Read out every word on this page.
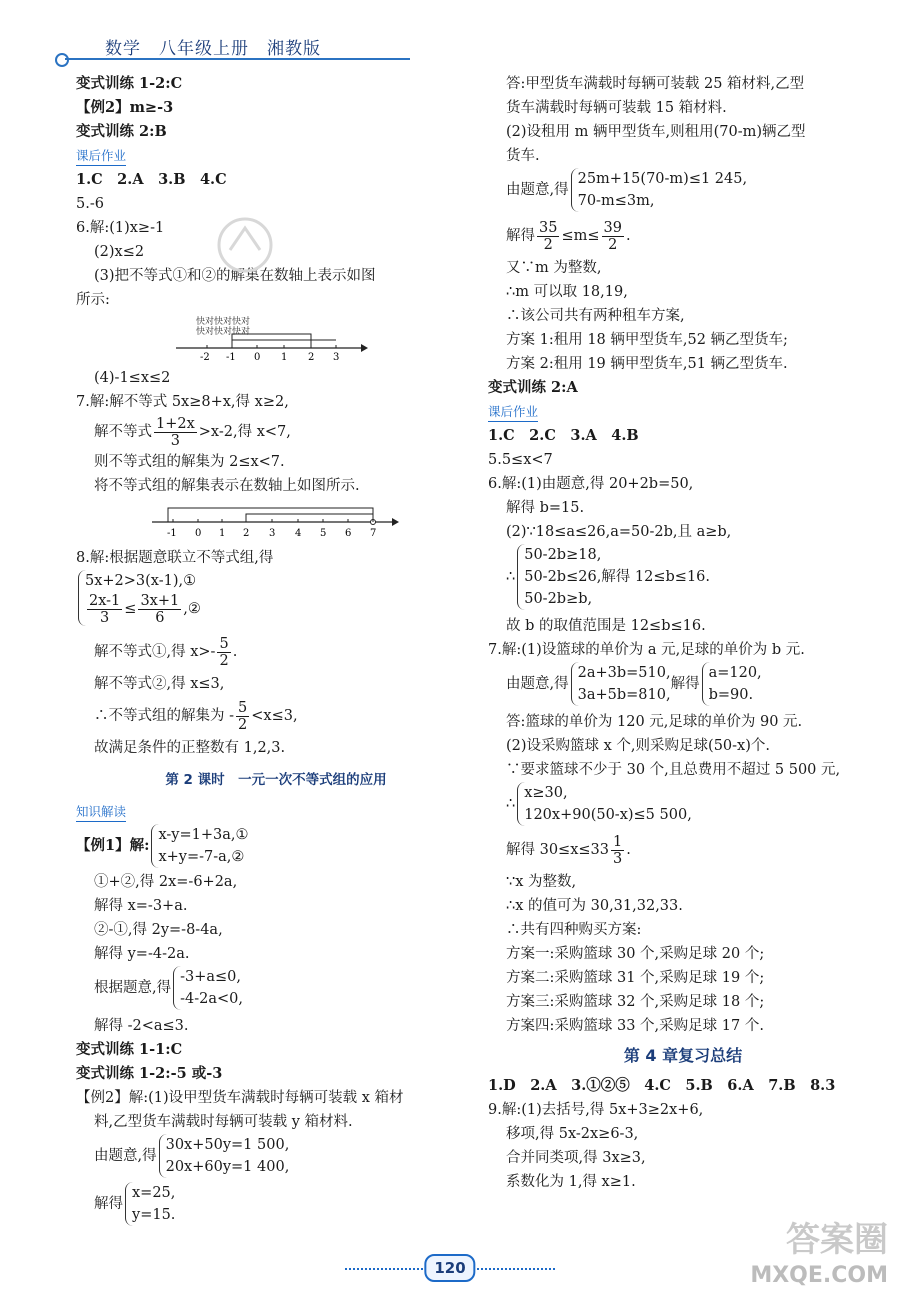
数学　八年级上册　湘教版
变式训练 1-2:C
【例2】m≥-3
变式训练 2:B
课后作业
1.C　2.A　3.B　4.C
5.-6
6.解:(1)x≥-1
(2)x≤2
(3)把不等式①和②的解集在数轴上表示如图
所示:
快对快对快对
快对快对快对
-2 -1 0 1 2 3
(4)-1≤x≤2
7.解:解不等式 5x≥8+x,得 x≥2,
解不等式 $\frac{1+2x}{3} >x-2$,得 x<7,
则不等式组的解集为 2≤x<7.
将不等式组的解集表示在数轴上如图所示.
-1 0 1 2 3 4 5 6 7
8.解:根据题意联立不等式组,得
5x+2>3(x-1),①
$\frac{2x-1}{3} \le \frac{3x+1}{6}$ ,②
解不等式①,得 $x>- \frac{5}{2}$ .
解不等式②,得 x≤3,
∴不等式组的解集为 - $\frac{5}{2} <x\le 3$,
故满足条件的正整数有 1,2,3.
第 2 课时　一元一次不等式组的应用
知识解读
【例1】解:
x-y=1+3a,①
x+y=-7-a,②
①+②,得 2x=-6+2a,
解得 x=-3+a.
②-①,得 2y=-8-4a,
解得 y=-4-2a.
根据题意,得
-3+a≤0,
-4-2a<0,
解得 -2<a≤3.
变式训练 1-1:C
变式训练 1-2:-5 或-3
【例2】解:(1)设甲型货车满载时每辆可装载 x 箱材
料,乙型货车满载时每辆可装载 y 箱材料.
由题意,得
30x+50y=1 500,
20x+60y=1 400,
解得
x=25,
y=15.
答:甲型货车满载时每辆可装载 25 箱材料,乙型
货车满载时每辆可装载 15 箱材料.
(2)设租用 m 辆甲型货车,则租用(70-m)辆乙型
货车.
由题意,得
25m+15(70-m)≤1 245,
70-m≤3m,
解得 $\frac{35}{2} \le m\le \frac{39}{2}$ .
又∵m 为整数,
∴m 可以取 18,19,
∴该公司共有两种租车方案,
方案 1:租用 18 辆甲型货车,52 辆乙型货车;
方案 2:租用 19 辆甲型货车,51 辆乙型货车.
变式训练 2:A
课后作业
1.C　2.C　3.A　4.B
5.5≤x<7
6.解:(1)由题意,得 20+2b=50,
解得 b=15.
(2)∵18≤a≤26,a=50-2b,且 a≥b,
∴
50-2b≥18,
50-2b≤26,解得 12≤b≤16.
50-2b≥b,
故 b 的取值范围是 12≤b≤16.
7.解:(1)设篮球的单价为 a 元,足球的单价为 b 元.
由题意,得
2a+3b=510,
3a+5b=810,
解得
a=120,
b=90.
答:篮球的单价为 120 元,足球的单价为 90 元.
(2)设采购篮球 x 个,则采购足球(50-x)个.
∵要求篮球不少于 30 个,且总费用不超过 5 500 元,
∴
x≥30,
120x+90(50-x)≤5 500,
解得 $30\le x\le 33 \frac{1}{3}$ .
∵x 为整数,
∴x 的值可为 30,31,32,33.
∴共有四种购买方案:
方案一:采购篮球 30 个,采购足球 20 个;
方案二:采购篮球 31 个,采购足球 19 个;
方案三:采购篮球 32 个,采购足球 18 个;
方案四:采购篮球 33 个,采购足球 17 个.
第 4 章复习总结
1.D　2.A　3.①②⑤　4.C　5.B　6.A　7.B　8.3
9.解:(1)去括号,得 5x+3≥2x+6,
移项,得 5x-2x≥6-3,
合并同类项,得 3x≥3,
系数化为 1,得 x≥1.
120
答案圈
MXQE.COM
